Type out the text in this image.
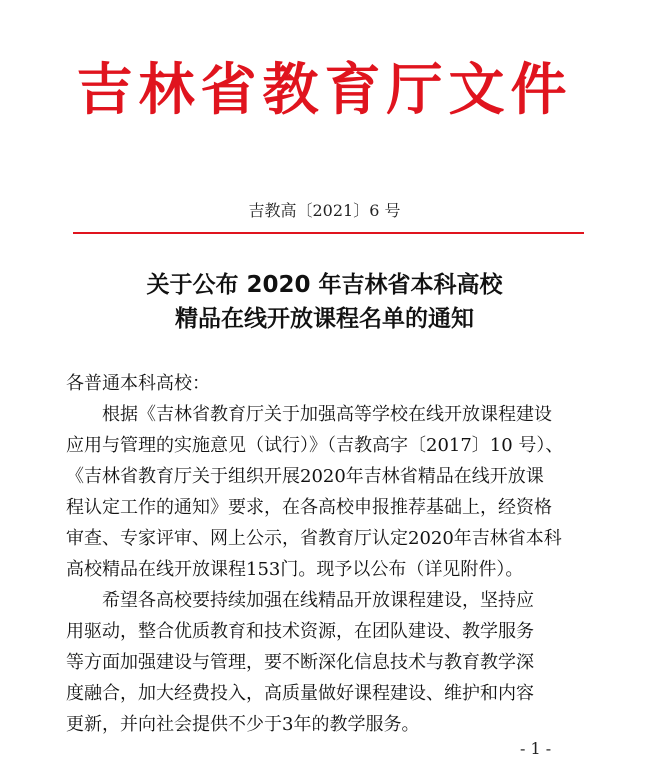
吉林省教育厅文件
吉教高〔2021〕6 号
关于公布 2020 年吉林省本科高校
精品在线开放课程名单的通知
各普通本科高校：
根据《吉林省教育厅关于加强高等学校在线开放课程建设
应用与管理的实施意见（试行）》（吉教高字〔2017〕10 号）、
《吉林省教育厅关于组织开展2020年吉林省精品在线开放课
程认定工作的通知》要求，在各高校申报推荐基础上，经资格
审查、专家评审、网上公示，省教育厅认定2020年吉林省本科
高校精品在线开放课程153门。现予以公布（详见附件）。
希望各高校要持续加强在线精品开放课程建设，坚持应
用驱动，整合优质教育和技术资源，在团队建设、教学服务
等方面加强建设与管理，要不断深化信息技术与教育教学深
度融合，加大经费投入，高质量做好课程建设、维护和内容
更新，并向社会提供不少于3年的教学服务。
- 1 -
